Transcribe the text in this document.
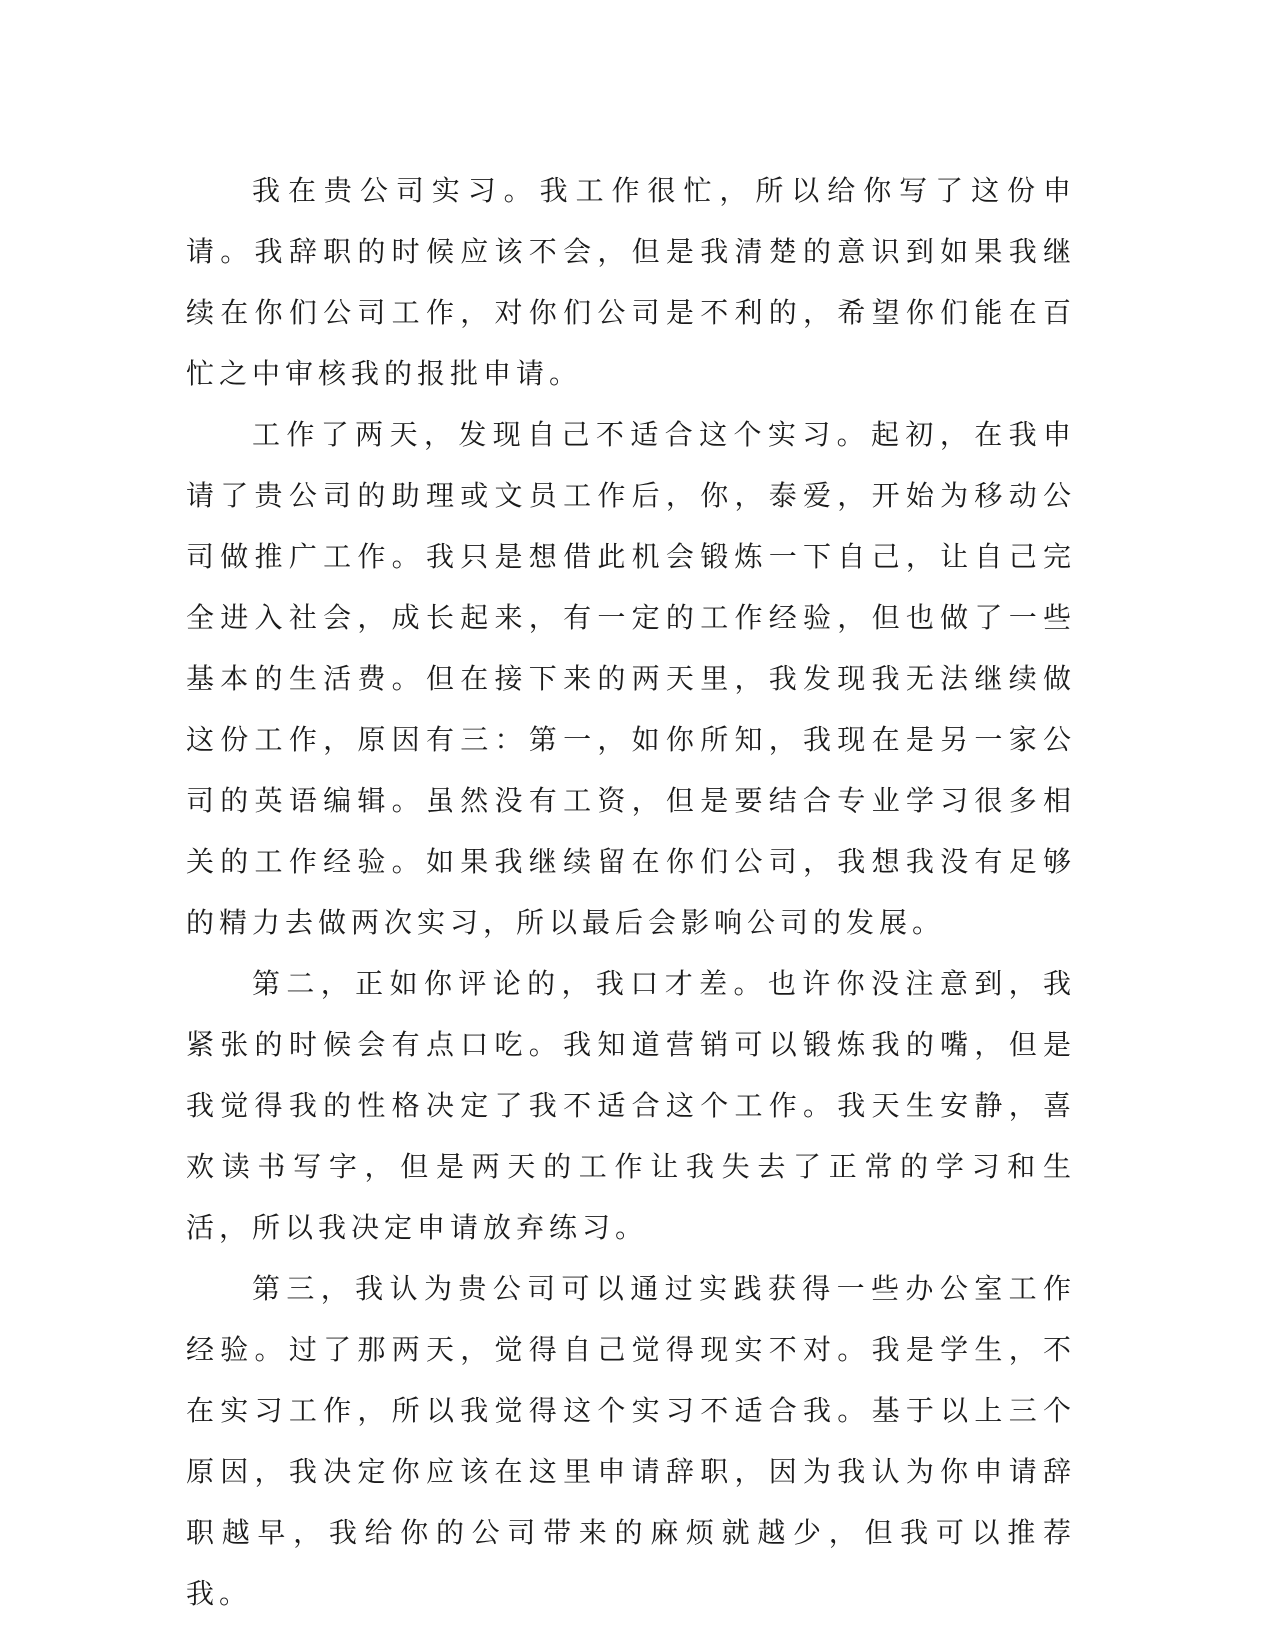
我在贵公司实习。我工作很忙，所以给你写了这份申请。我辞职的时候应该不会，但是我清楚的意识到如果我继续在你们公司工作，对你们公司是不利的，希望你们能在百忙之中审核我的报批申请。

工作了两天，发现自己不适合这个实习。起初，在我申请了贵公司的助理或文员工作后，你，泰爱，开始为移动公司做推广工作。我只是想借此机会锻炼一下自己，让自己完全进入社会，成长起来，有一定的工作经验，但也做了一些基本的生活费。但在接下来的两天里，我发现我无法继续做这份工作，原因有三：第一，如你所知，我现在是另一家公司的英语编辑。虽然没有工资，但是要结合专业学习很多相关的工作经验。如果我继续留在你们公司，我想我没有足够的精力去做两次实习，所以最后会影响公司的发展。

第二，正如你评论的，我口才差。也许你没注意到，我紧张的时候会有点口吃。我知道营销可以锻炼我的嘴，但是我觉得我的性格决定了我不适合这个工作。我天生安静，喜欢读书写字，但是两天的工作让我失去了正常的学习和生活，所以我决定申请放弃练习。

第三，我认为贵公司可以通过实践获得一些办公室工作经验。过了那两天，觉得自己觉得现实不对。我是学生，不在实习工作，所以我觉得这个实习不适合我。基于以上三个原因，我决定你应该在这里申请辞职，因为我认为你申请辞职越早，我给你的公司带来的麻烦就越少，但我可以推荐我。
